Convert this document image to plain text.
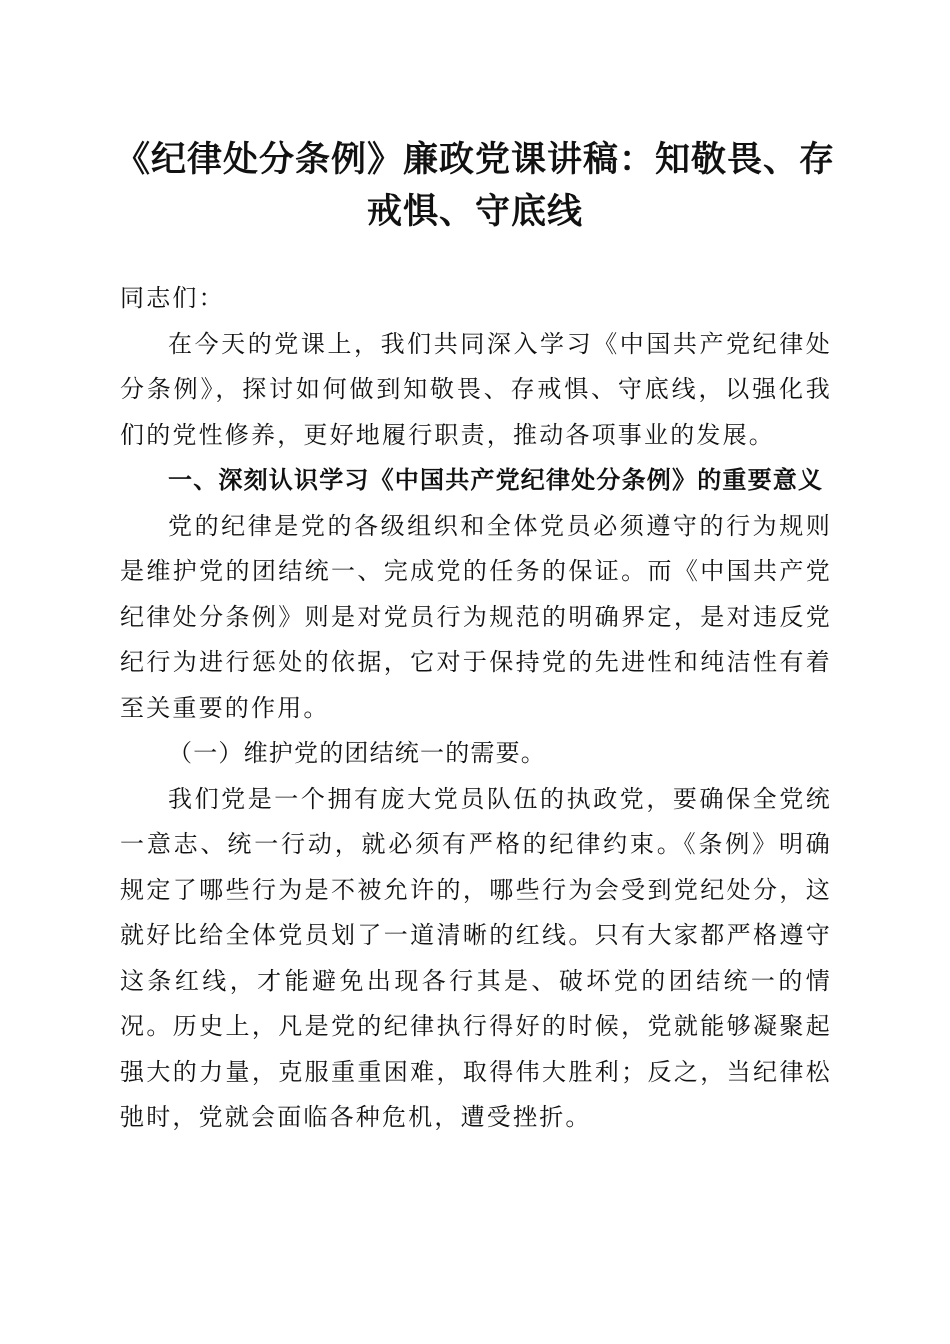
《纪律处分条例》廉政党课讲稿：知敬畏、存戒惧、守底线

同志们：

在今天的党课上，我们共同深入学习《中国共产党纪律处分条例》，探讨如何做到知敬畏、存戒惧、守底线，以强化我们的党性修养，更好地履行职责，推动各项事业的发展。

一、深刻认识学习《中国共产党纪律处分条例》的重要意义

党的纪律是党的各级组织和全体党员必须遵守的行为规则是维护党的团结统一、完成党的任务的保证。而《中国共产党纪律处分条例》则是对党员行为规范的明确界定，是对违反党纪行为进行惩处的依据，它对于保持党的先进性和纯洁性有着至关重要的作用。

（一）维护党的团结统一的需要。

我们党是一个拥有庞大党员队伍的执政党，要确保全党统一意志、统一行动，就必须有严格的纪律约束。《条例》明确规定了哪些行为是不被允许的，哪些行为会受到党纪处分，这就好比给全体党员划了一道清晰的红线。只有大家都严格遵守这条红线，才能避免出现各行其是、破坏党的团结统一的情况。历史上，凡是党的纪律执行得好的时候，党就能够凝聚起强大的力量，克服重重困难，取得伟大胜利；反之，当纪律松弛时，党就会面临各种危机，遭受挫折。
